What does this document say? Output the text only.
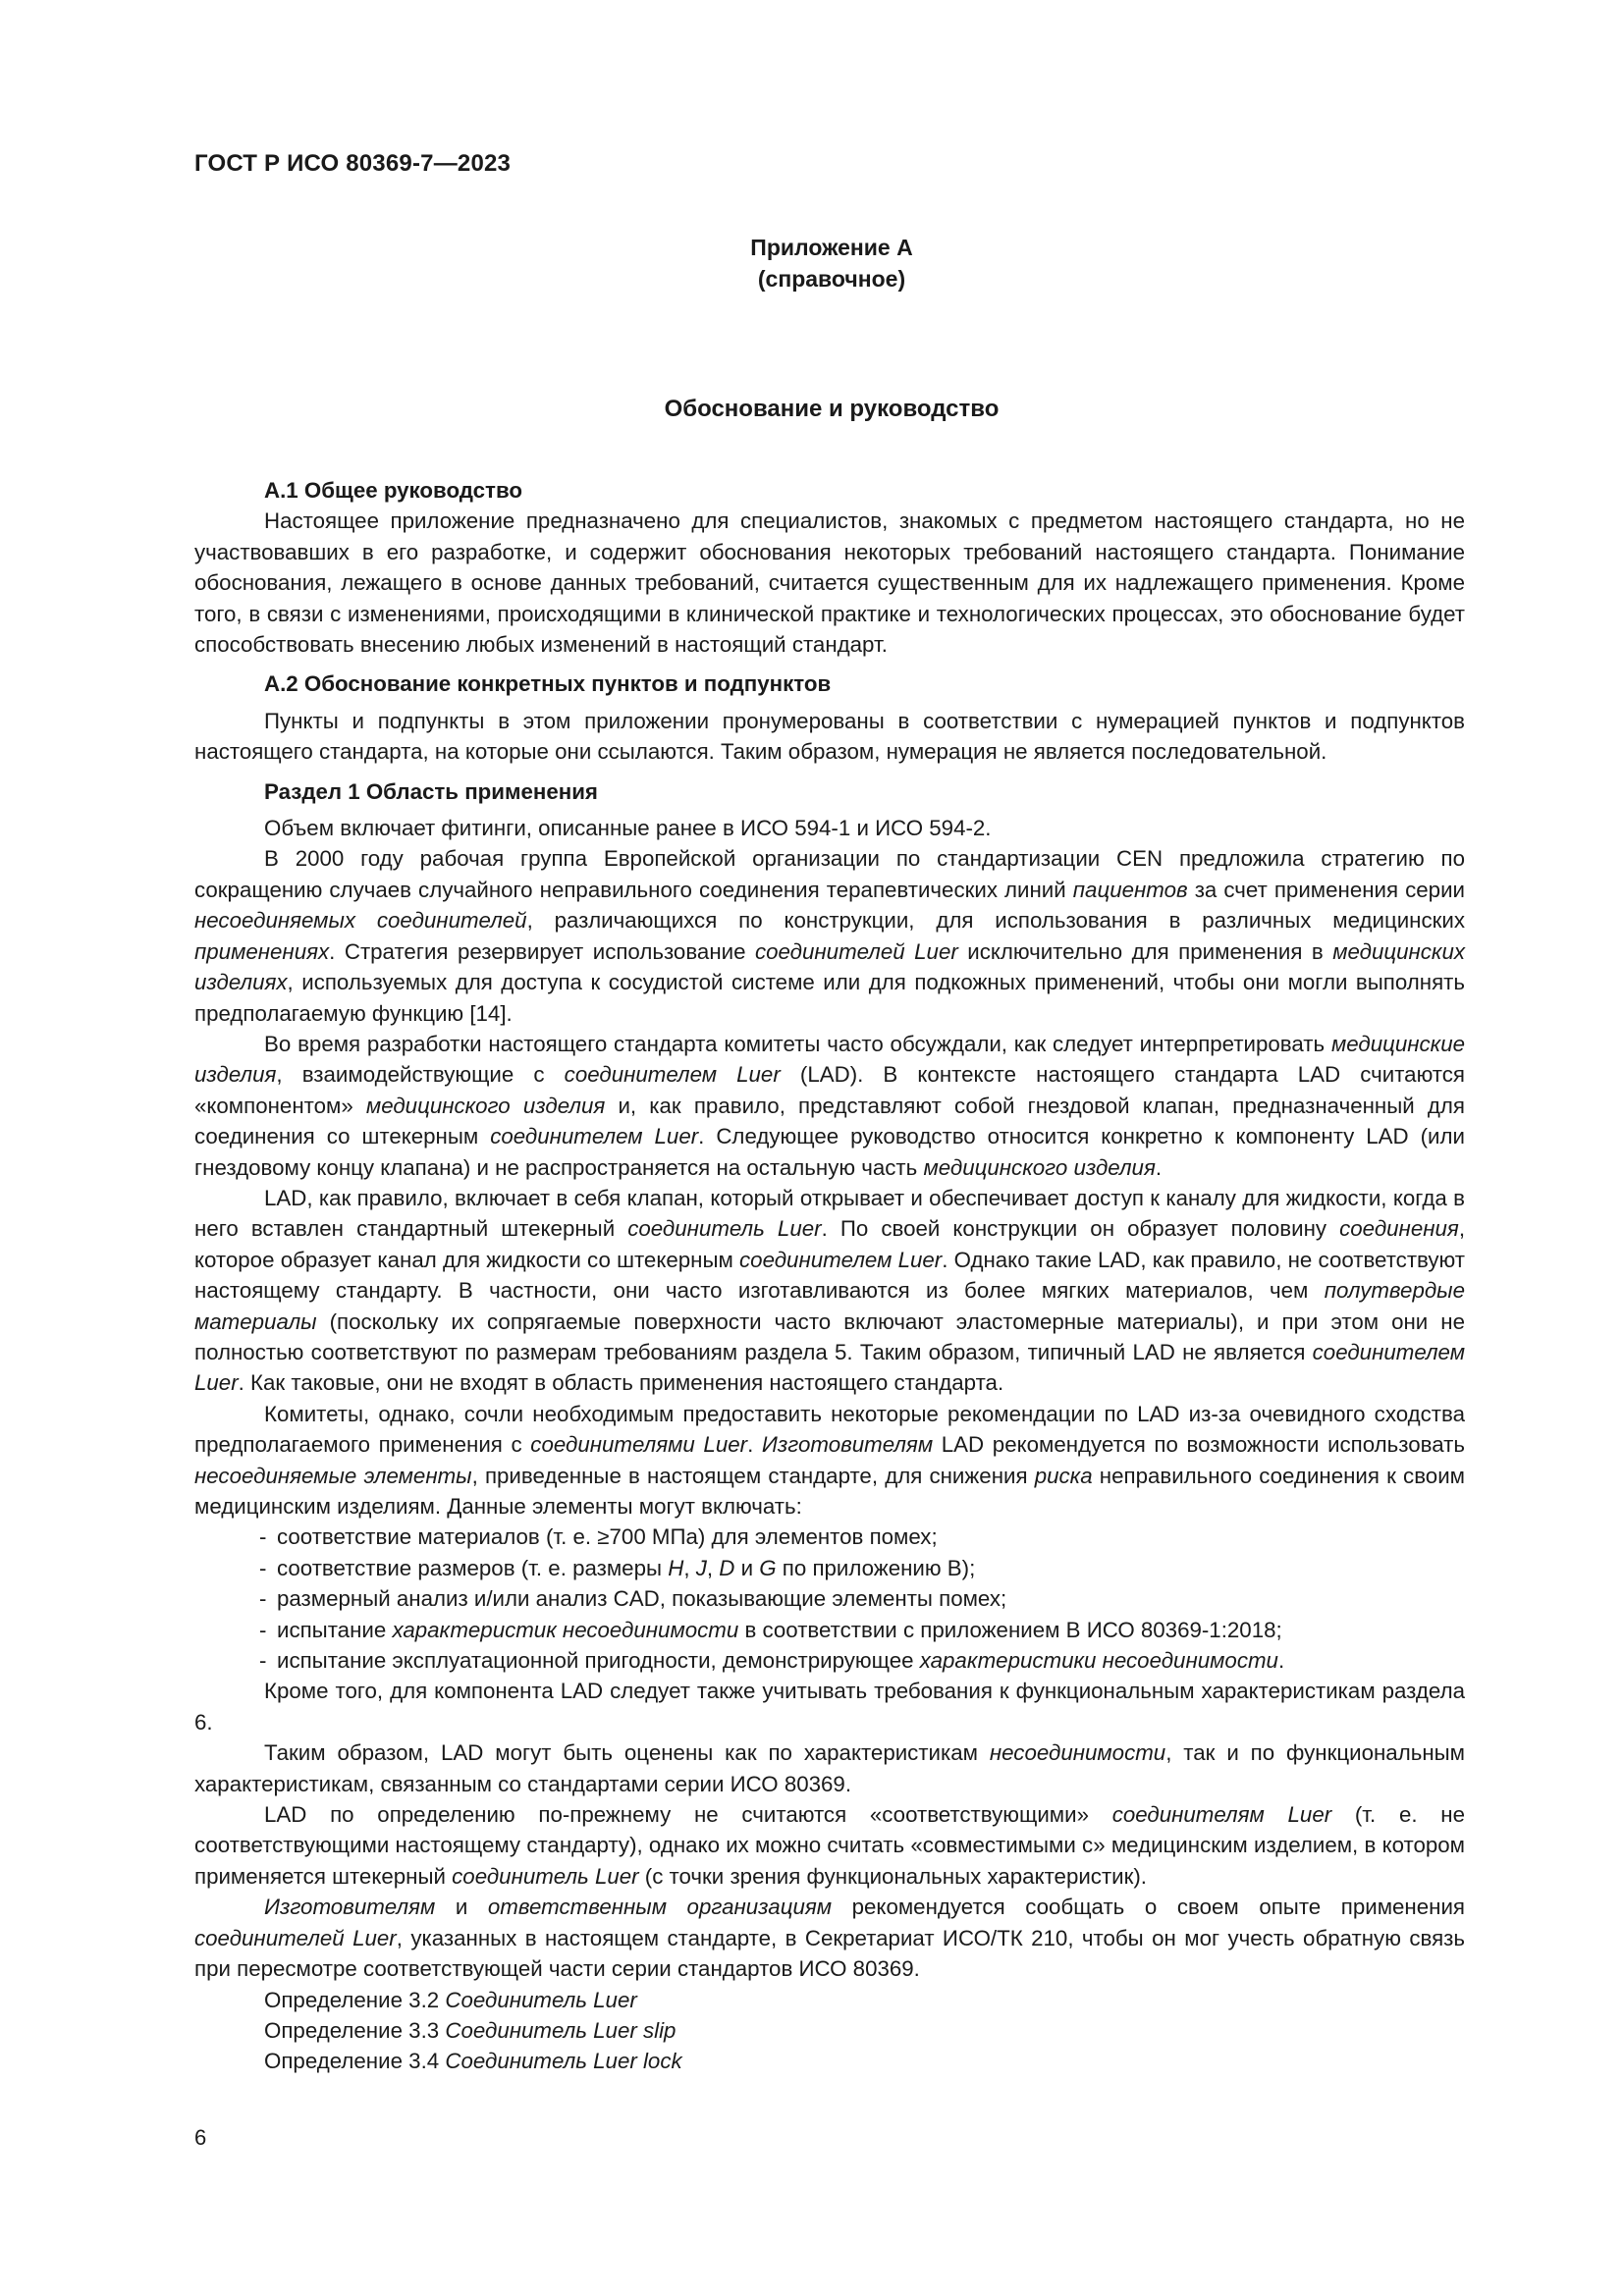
ГОСТ Р ИСО 80369-7—2023
Приложение А
(справочное)
Обоснование и руководство
А.1 Общее руководство

Настоящее приложение предназначено для специалистов, знакомых с предметом настоящего стандарта, но не участвовавших в его разработке, и содержит обоснования некоторых требований настоящего стандарта. Понимание обоснования, лежащего в основе данных требований, считается существенным для их надлежащего применения. Кроме того, в связи с изменениями, происходящими в клинической практике и технологических процессах, это обоснование будет способствовать внесению любых изменений в настоящий стандарт.

А.2 Обоснование конкретных пунктов и подпунктов

Пункты и подпункты в этом приложении пронумерованы в соответствии с нумерацией пунктов и подпунктов настоящего стандарта, на которые они ссылаются. Таким образом, нумерация не является последовательной.

Раздел 1 Область применения

Объем включает фитинги, описанные ранее в ИСО 594-1 и ИСО 594-2.

В 2000 году рабочая группа Европейской организации по стандартизации CEN предложила стратегию по сокращению случаев случайного неправильного соединения терапевтических линий пациентов за счет применения серии несоединяемых соединителей, различающихся по конструкции, для использования в различных медицинских применениях. Стратегия резервирует использование соединителей Luer исключительно для применения в медицинских изделиях, используемых для доступа к сосудистой системе или для подкожных применений, чтобы они могли выполнять предполагаемую функцию [14].

Во время разработки настоящего стандарта комитеты часто обсуждали, как следует интерпретировать медицинские изделия, взаимодействующие с соединителем Luer (LAD). В контексте настоящего стандарта LAD считаются «компонентом» медицинского изделия и, как правило, представляют собой гнездовой клапан, предназначенный для соединения со штекерным соединителем Luer. Следующее руководство относится конкретно к компоненту LAD (или гнездовому концу клапана) и не распространяется на остальную часть медицинского изделия.

LAD, как правило, включает в себя клапан, который открывает и обеспечивает доступ к каналу для жидкости, когда в него вставлен стандартный штекерный соединитель Luer. По своей конструкции он образует половину соединения, которое образует канал для жидкости со штекерным соединителем Luer. Однако такие LAD, как правило, не соответствуют настоящему стандарту. В частности, они часто изготавливаются из более мягких материалов, чем полутвердые материалы (поскольку их сопрягаемые поверхности часто включают эластомерные материалы), и при этом они не полностью соответствуют по размерам требованиям раздела 5. Таким образом, типичный LAD не является соединителем Luer. Как таковые, они не входят в область применения настоящего стандарта.

Комитеты, однако, сочли необходимым предоставить некоторые рекомендации по LAD из-за очевидного сходства предполагаемого применения с соединителями Luer. Изготовителям LAD рекомендуется по возможности использовать несоединяемые элементы, приведенные в настоящем стандарте, для снижения риска неправильного соединения к своим медицинским изделиям. Данные элементы могут включать:

- соответствие материалов (т. е. ≥700 МПа) для элементов помех;
- соответствие размеров (т. е. размеры H, J, D и G по приложению В);
- размерный анализ и/или анализ CAD, показывающие элементы помех;
- испытание характеристик несоединимости в соответствии с приложением В ИСО 80369-1:2018;
- испытание эксплуатационной пригодности, демонстрирующее характеристики несоединимости.

Кроме того, для компонента LAD следует также учитывать требования к функциональным характеристикам раздела 6.

Таким образом, LAD могут быть оценены как по характеристикам несоединимости, так и по функциональным характеристикам, связанным со стандартами серии ИСО 80369.

LAD по определению по-прежнему не считаются «соответствующими» соединителям Luer (т. е. не соответствующими настоящему стандарту), однако их можно считать «совместимыми с» медицинским изделием, в котором применяется штекерный соединитель Luer (с точки зрения функциональных характеристик).

Изготовителям и ответственным организациям рекомендуется сообщать о своем опыте применения соединителей Luer, указанных в настоящем стандарте, в Секретариат ИСО/ТК 210, чтобы он мог учесть обратную связь при пересмотре соответствующей части серии стандартов ИСО 80369.

Определение 3.2 Соединитель Luer

Определение 3.3 Соединитель Luer slip

Определение 3.4 Соединитель Luer lock

6
